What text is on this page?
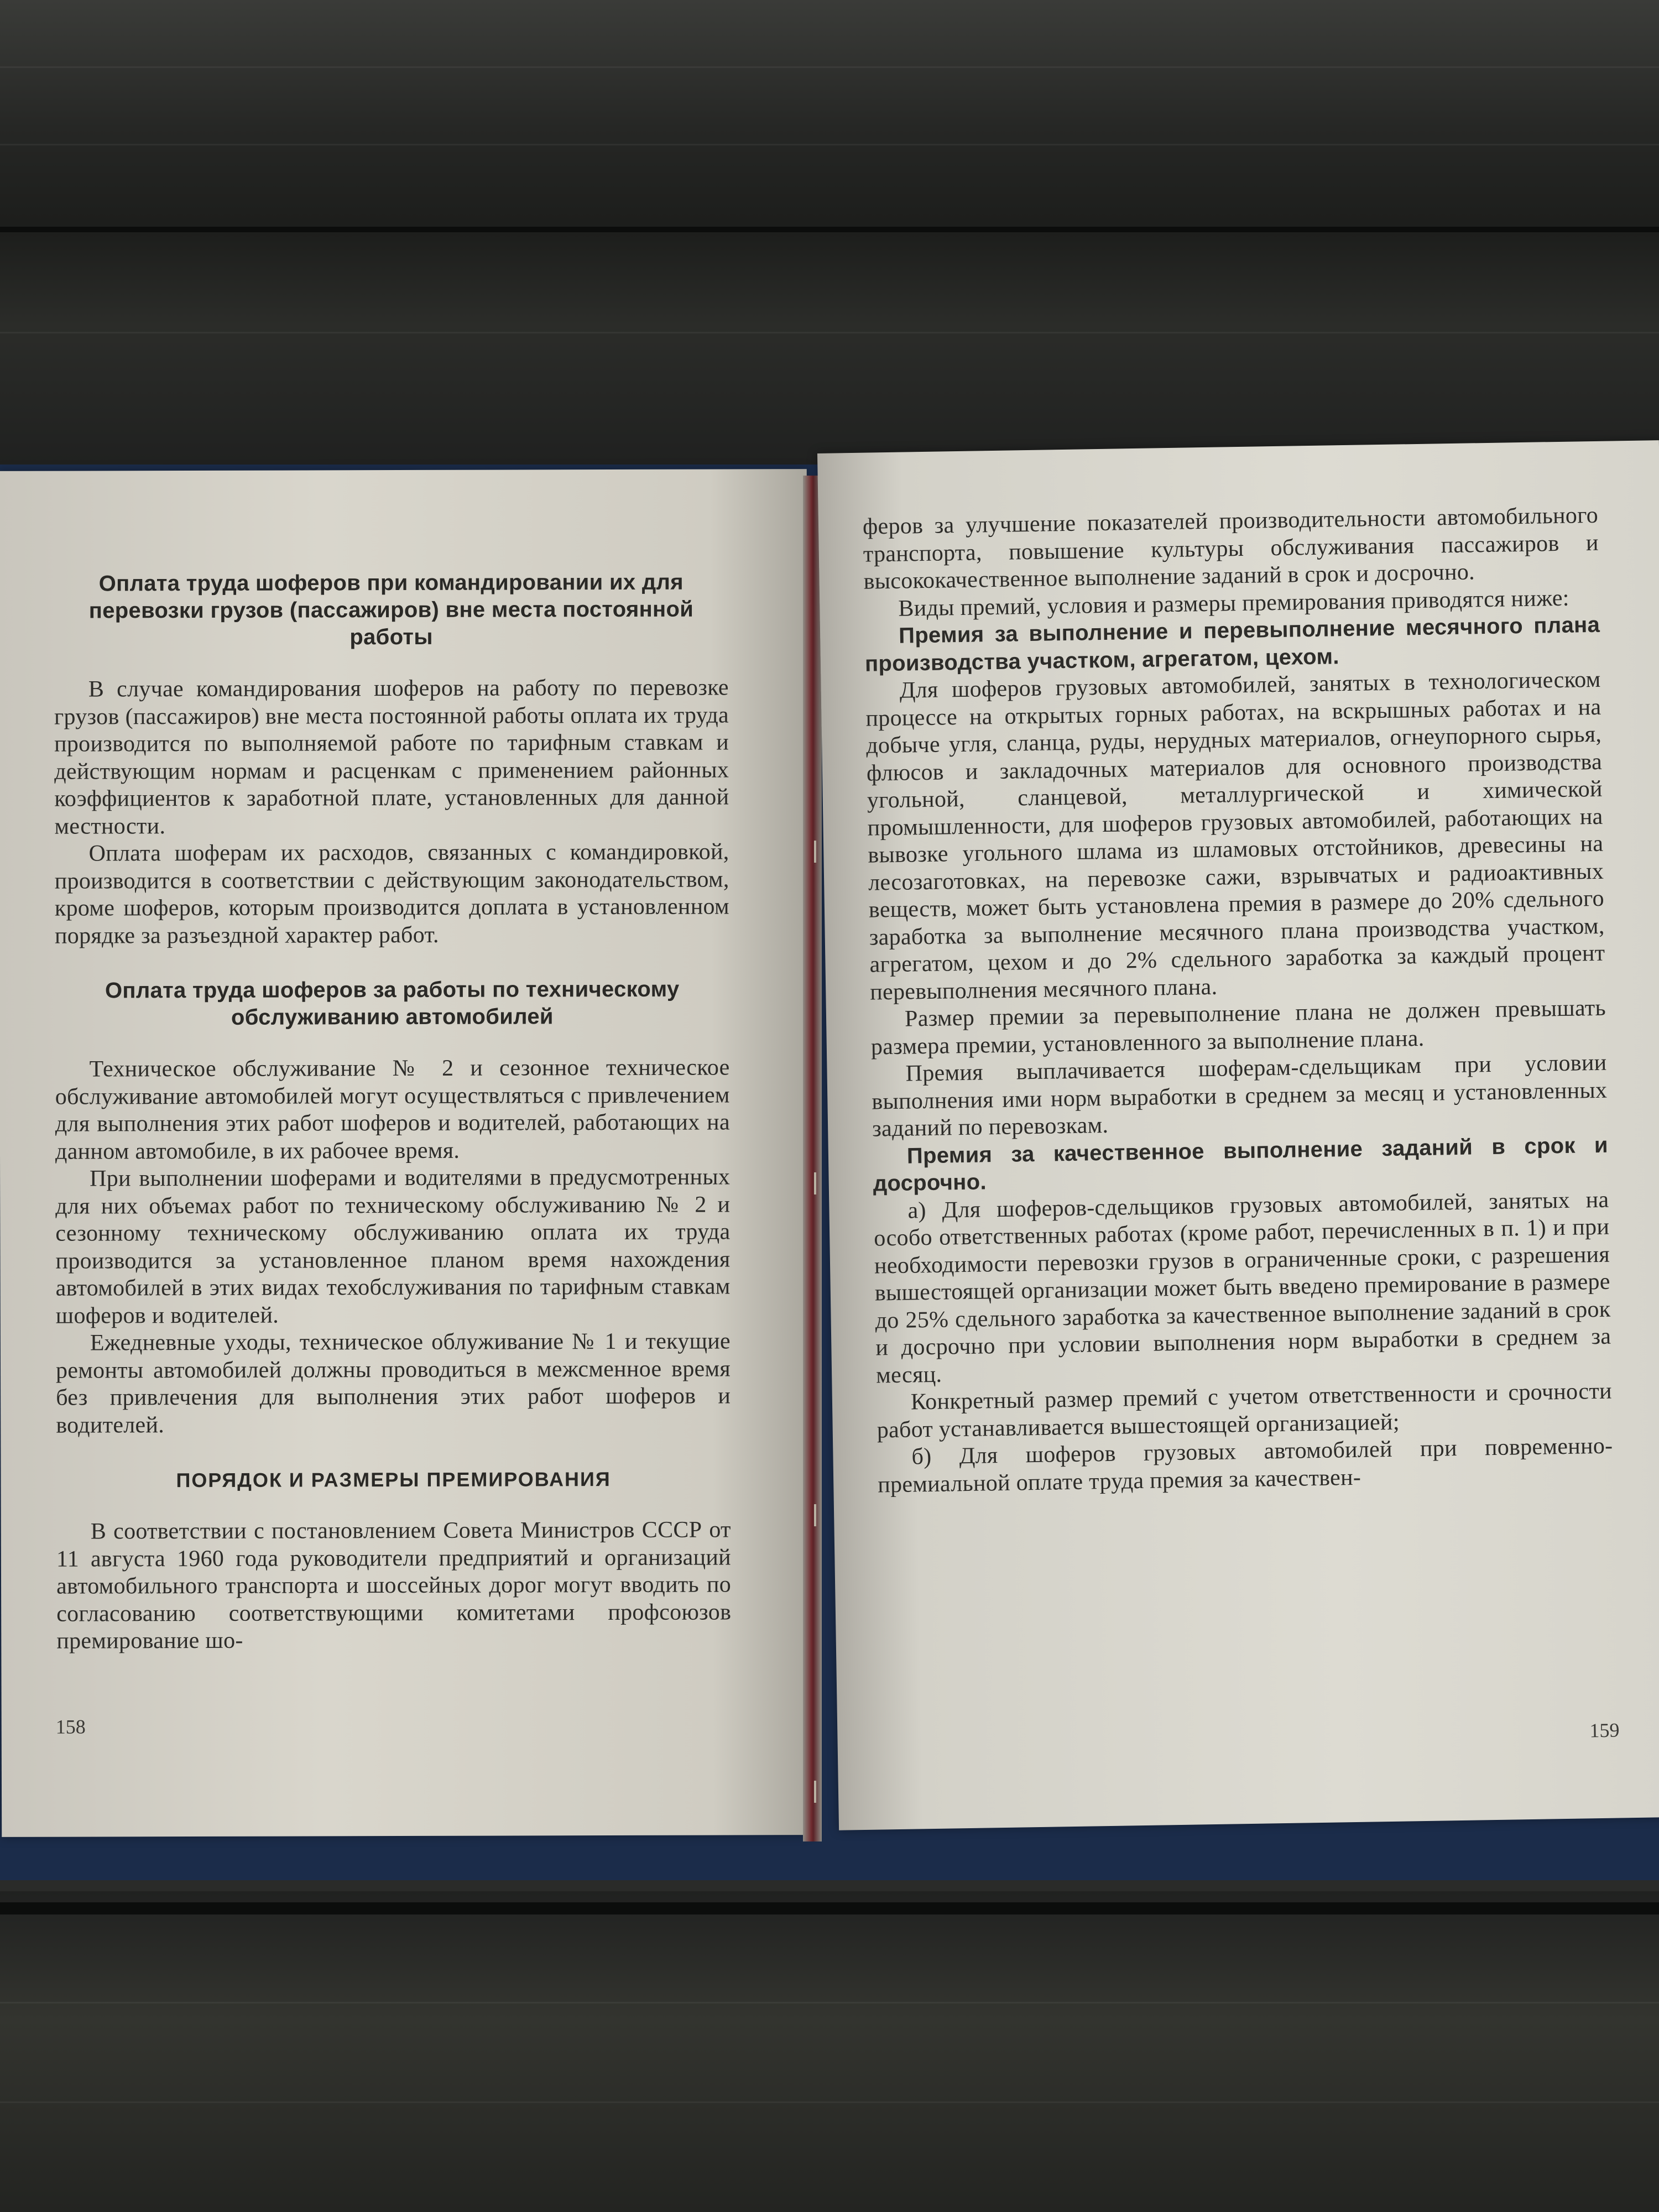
Оплата труда шоферов при командировании их для перевозки грузов (пассажиров) вне места постоянной работы

В случае командирования шоферов на работу по перевозке грузов (пассажиров) вне места постоянной работы оплата их труда производится по выполняемой работе по тарифным ставкам и действующим нормам и расценкам с применением районных коэффициентов к заработной плате, установленных для данной местности.

Оплата шоферам их расходов, связанных с командировкой, производится в соответствии с действующим законодательством, кроме шоферов, которым производится доплата в установленном порядке за разъездной характер работ.

Оплата труда шоферов за работы по техническому обслуживанию автомобилей

Техническое обслуживание № 2 и сезонное техническое обслуживание автомобилей могут осуществляться с привлечением для выполнения этих работ шоферов и водителей, работающих на данном автомобиле, в их рабочее время.

При выполнении шоферами и водителями в предусмотренных для них объемах работ по техническому обслуживанию № 2 и сезонному техническому обслуживанию оплата их труда производится за установленное планом время нахождения автомобилей в этих видах техобслуживания по тарифным ставкам шоферов и водителей.

Ежедневные уходы, техническое облуживание № 1 и текущие ремонты автомобилей должны проводиться в межсменное время без привлечения для выполнения этих работ шоферов и водителей.

ПОРЯДОК И РАЗМЕРЫ ПРЕМИРОВАНИЯ

В соответствии с постановлением Совета Министров СССР от 11 августа 1960 года руководители предприятий и организаций автомобильного транспорта и шоссейных дорог могут вводить по согласованию соответствующими комитетами профсоюзов премирование шо-

158

феров за улучшение показателей производительности автомобильного транспорта, повышение культуры обслуживания пассажиров и высококачественное выполнение заданий в срок и досрочно.

Виды премий, условия и размеры премирования приводятся ниже:

Премия за выполнение и перевыполнение месячного плана производства участком, агрегатом, цехом.

Для шоферов грузовых автомобилей, занятых в технологическом процессе на открытых горных работах, на вскрышных работах и на добыче угля, сланца, руды, нерудных материалов, огнеупорного сырья, флюсов и закладочных материалов для основного производства угольной, сланцевой, металлургической и химической промышленности, для шоферов грузовых автомобилей, работающих на вывозке угольного шлама из шламовых отстойников, древесины на лесозаготовках, на перевозке сажи, взрывчатых и радиоактивных веществ, может быть установлена премия в размере до 20% сдельного заработка за выполнение месячного плана производства участком, агрегатом, цехом и до 2% сдельного заработка за каждый процент перевыполнения месячного плана.

Размер премии за перевыполнение плана не должен превышать размера премии, установленного за выполнение плана.

Премия выплачивается шоферам-сдельщикам при условии выполнения ими норм выработки в среднем за месяц и установленных заданий по перевозкам.

Премия за качественное выполнение заданий в срок и досрочно.

а) Для шоферов-сдельщиков грузовых автомобилей, занятых на особо ответственных работах (кроме работ, перечисленных в п. 1) и при необходимости перевозки грузов в ограниченные сроки, с разрешения вышестоящей организации может быть введено премирование в размере до 25% сдельного заработка за качественное выполнение заданий в срок и досрочно при условии выполнения норм выработки в среднем за месяц.

Конкретный размер премий с учетом ответственности и срочности работ устанавливается вышестоящей организацией;

б) Для шоферов грузовых автомобилей при повременно-премиальной оплате труда премия за качествен-

159
